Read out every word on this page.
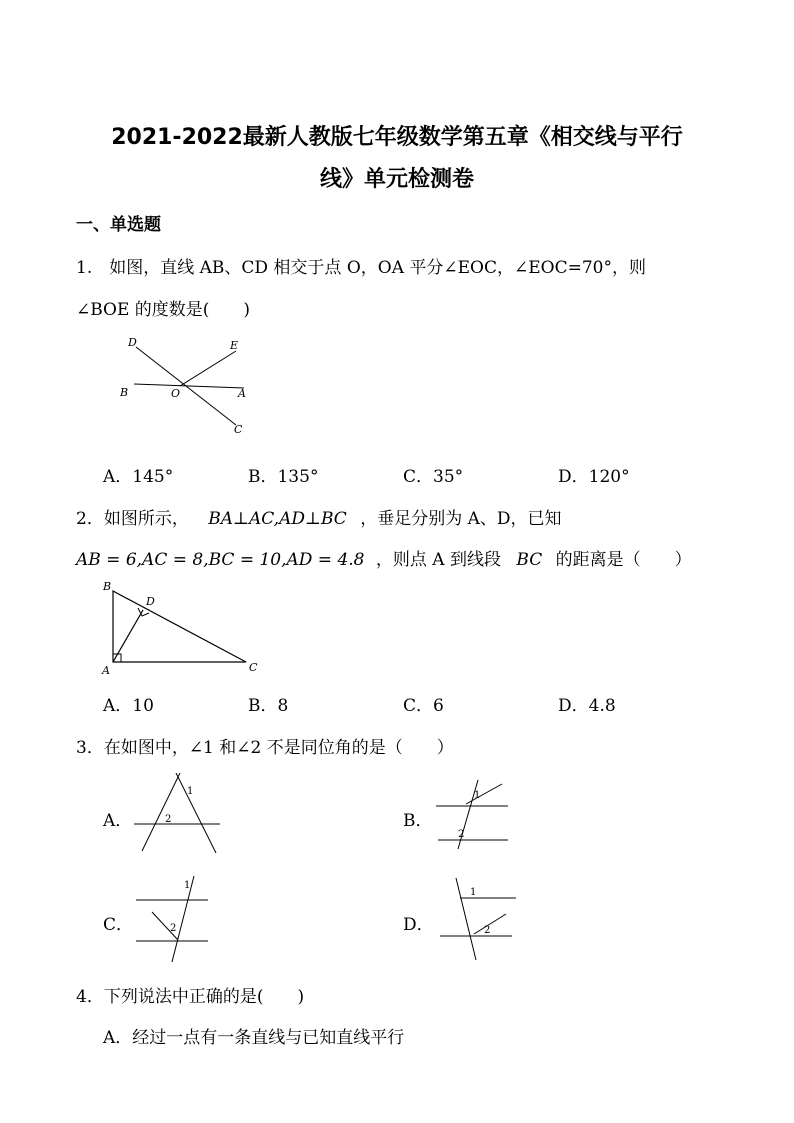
2021-2022最新人教版七年级数学第五章《相交线与平行
线》单元检测卷
一、单选题
1.　如图，直线 AB、CD 相交于点 O，OA 平分∠EOC，∠EOC=70°，则
∠BOE 的度数是(　　)
D	E
B	O	A
C
A．145°	B．135°	C．35°	D．120°
2．如图所示， BA⊥AC,AD⊥BC ，垂足分别为 A、D，已知
AB = 6,AC = 8,BC = 10,AD = 4.8 ，则点 A 到线段 BC 的距离是（　　）
B
D
A	C
A．10	B．8	C．6	D．4.8
3．在如图中，∠1 和∠2 不是同位角的是（　　）
A．
1
2	B．
1
2
C．
1
2	D．
1
2
4．下列说法中正确的是(　　)
A．经过一点有一条直线与已知直线平行
